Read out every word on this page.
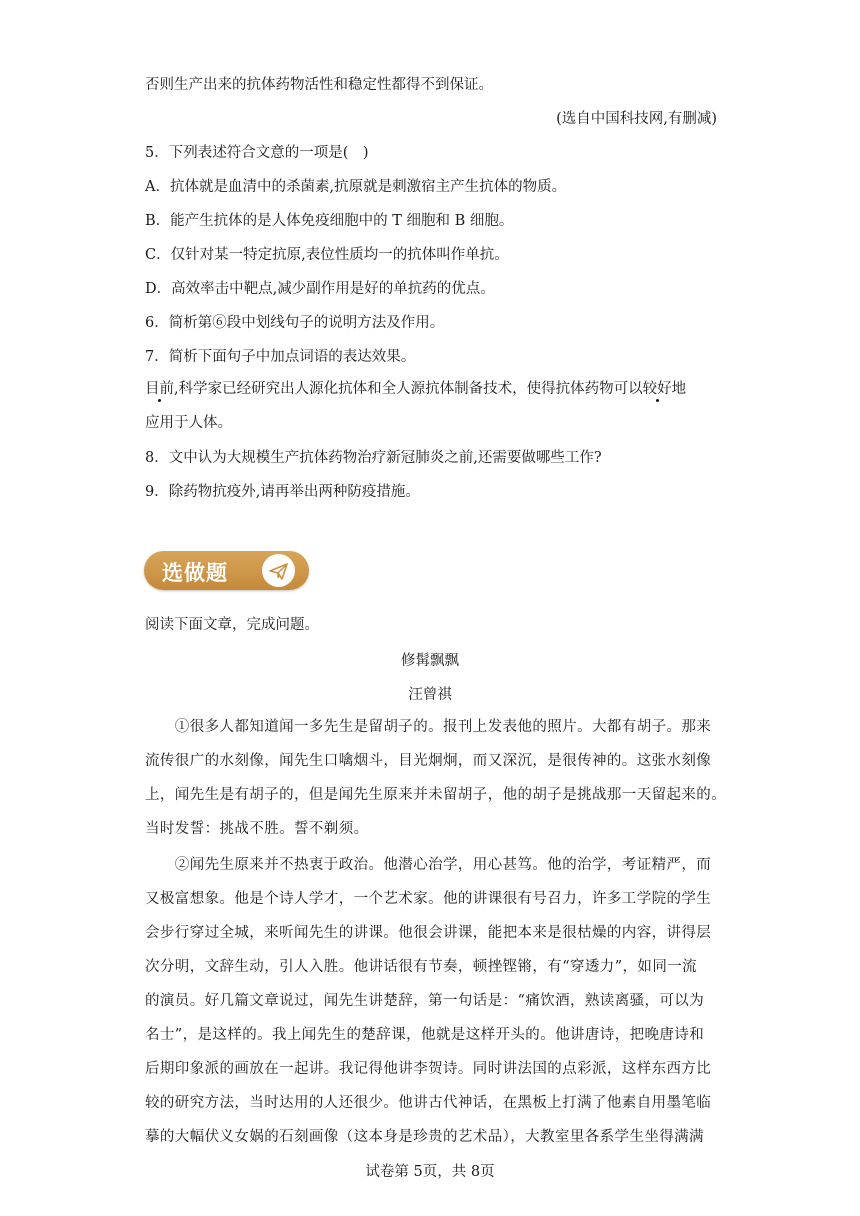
否则生产出来的抗体药物活性和稳定性都得不到保证。
(选自中国科技网,有删减)
5．下列表述符合文意的一项是(　)
A．抗体就是血清中的杀菌素,抗原就是刺激宿主产生抗体的物质。
B．能产生抗体的是人体免疫细胞中的 T 细胞和 B 细胞。
C．仅针对某一特定抗原,表位性质均一的抗体叫作单抗。
D．高效率击中靶点,减少副作用是好的单抗药的优点。
6．简析第⑥段中划线句子的说明方法及作用。
7．简析下面句子中加点词语的表达效果。
目前,科学家已经研究出人源化抗体和全人源抗体制备技术，使得抗体药物可以较好地
应用于人体。
8．文中认为大规模生产抗体药物治疗新冠肺炎之前,还需要做哪些工作?
9．除药物抗疫外,请再举出两种防疫措施。
选做题
阅读下面文章，完成问题。
修髯飘飘
汪曾祺
　　①很多人都知道闻一多先生是留胡子的。报刊上发表他的照片。大都有胡子。那来
流传很广的水刻像，闻先生口噙烟斗，目光炯炯，而又深沉，是很传神的。这张水刻像
上，闻先生是有胡子的，但是闻先生原来并未留胡子，他的胡子是挑战那一天留起来的。
当时发誓：挑战不胜。誓不剃须。
　　②闻先生原来并不热衷于政治。他潜心治学，用心甚笃。他的治学，考证精严，而
又极富想象。他是个诗人学才，一个艺术家。他的讲课很有号召力，许多工学院的学生
会步行穿过全城，来听闻先生的讲课。他很会讲课，能把本来是很枯燥的内容，讲得层
次分明，文辞生动，引人入胜。他讲话很有节奏，顿挫铿锵，有“穿透力”，如同一流
的演员。好几篇文章说过，闻先生讲楚辞，第一句话是：“痛饮酒，熟读离骚，可以为
名士”，是这样的。我上闻先生的楚辞课，他就是这样开头的。他讲唐诗，把晚唐诗和
后期印象派的画放在一起讲。我记得他讲李贺诗。同时讲法国的点彩派，这样东西方比
较的研究方法，当时达用的人还很少。他讲古代神话，在黑板上打满了他素自用墨笔临
摹的大幅伏义女娲的石刻画像（这本身是珍贵的艺术品），大教室里各系学生坐得满满
试卷第 5页，共 8页
